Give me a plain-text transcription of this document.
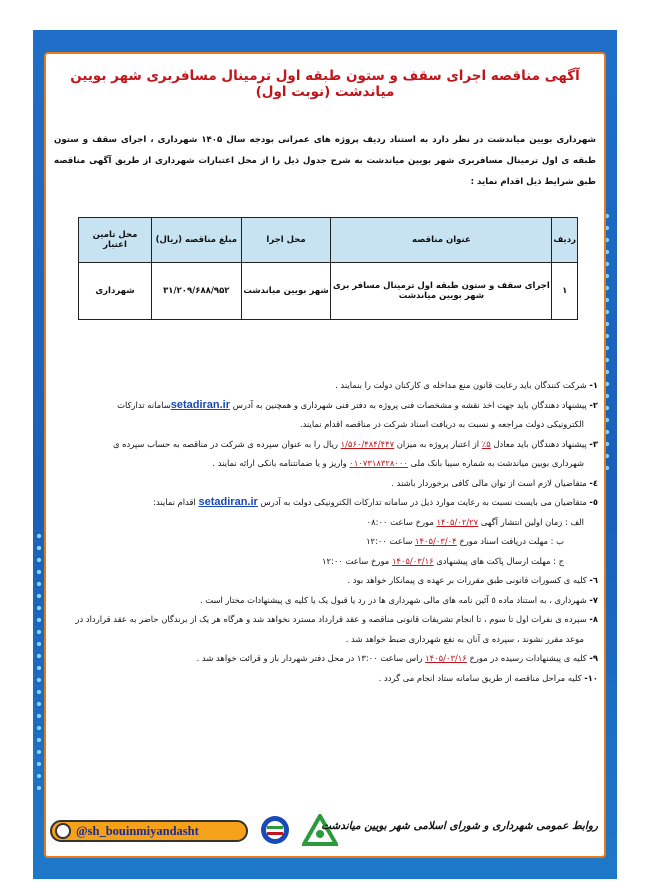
آگهی مناقصه اجرای سقف و ستون طبقه اول ترمینال مسافربری شهر بویین میاندشت (نوبت اول)
شهرداری بویین میاندشت در نظر دارد به استناد ردیف پروژه های عمرانی بودجه سال ۱۴۰۵ شهرداری ، اجرای سقف و ستون طبقه ی اول ترمینال مسافربری شهر بویین میاندشت به شرح جدول ذیل را از محل اعتبارات شهرداری از طریق آگهی مناقصه طبق شرایط ذیل اقدام نماید :
ردیف	عنوان مناقصه	محل اجرا	مبلغ مناقصه (ریال)	محل تامین اعتبار
۱	اجرای سقف و ستون طبقه اول ترمینال مسافر بری شهر بویین میاندشت	شهر بویین میاندشت	۳۱/۲۰۹/۶۸۸/۹۵۲	شهرداری
۱- شرکت کنندگان باید رعایت قانون منع مداخله ی کارکنان دولت را بنمایند .
۲- پیشنهاد دهندگان باید جهت اخذ نقشه و مشخصات فنی پروژه به دفتر فنی شهرداری و همچنین به آدرس setadiran.irسامانه تدارکات
الکترونیکی دولت مراجعه و نسبت به دریافت اسناد شرکت در مناقصه اقدام نمایند.
۳- پیشنهاد دهندگان باید معادل ۵٪ از اعتبار پروژه به میزان ۱/۵۶۰/۴۸۴/۴۴۷ ریال را به عنوان سپرده ی شرکت در مناقصه به حساب سپرده ی
شهرداری بویین میاندشت به شماره سیبا بانک ملی ۰۱۰۷۳۱۸۳۲۸۰۰۰ واریز و یا ضمانتنامه بانکی ارائه نمایند .
٤- متقاضیان لازم است از توان مالی کافی برخوردار باشند .
٥- متقاضیان می بایست نسبت به رعایت موارد ذیل در سامانه تدارکات الکترونیکی دولت به آدرس setadiran.ir اقدام نمایند:
الف : زمان اولین انتشار آگهی ۱۴۰۵/۰۲/۲۷ مورخ ساعت ۰۸:۰۰
ب : مهلت دریافت اسناد مورخ ۱۴۰۵/۰۳/۰۴ ساعت ۱۲:۰۰
ج : مهلت ارسال پاکت های پیشنهادی ۱۴۰۵/۰۳/۱۶ مورخ ساعت ۱۲:۰۰
٦- کلیه ی کسورات قانونی طبق مقررات بر عهده ی پیمانکار خواهد بود .
٧- شهرداری ، به استناد ماده ٥ آئین نامه های مالی شهرداری ها در رد یا قبول یک یا کلیه ی پیشنهادات مختار است .
٨- سپرده ی نفرات اول تا سوم ، تا انجام تشریفات قانونی مناقصه و عقد قرارداد مسترد نخواهد شد و هرگاه هر یک از برندگان حاضر به عقد قرارداد در
موعد مقرر نشوند ، سپرده ی آنان به نفع شهرداری ضبط خواهد شد .
٩- کلیه ی پیشنهادات رسیده در مورخ ۱۴۰۵/۰۳/۱۶ راس ساعت ۱۳:۰۰ در محل دفتر شهردار باز و قرائت خواهد شد .
١٠- کلیه مراحل مناقصه از طریق سامانه ستاد انجام می گردد .
@sh_bouinmiyandasht	روابط عمومی شهرداری و شورای اسلامی شهر بویین میاندشت
